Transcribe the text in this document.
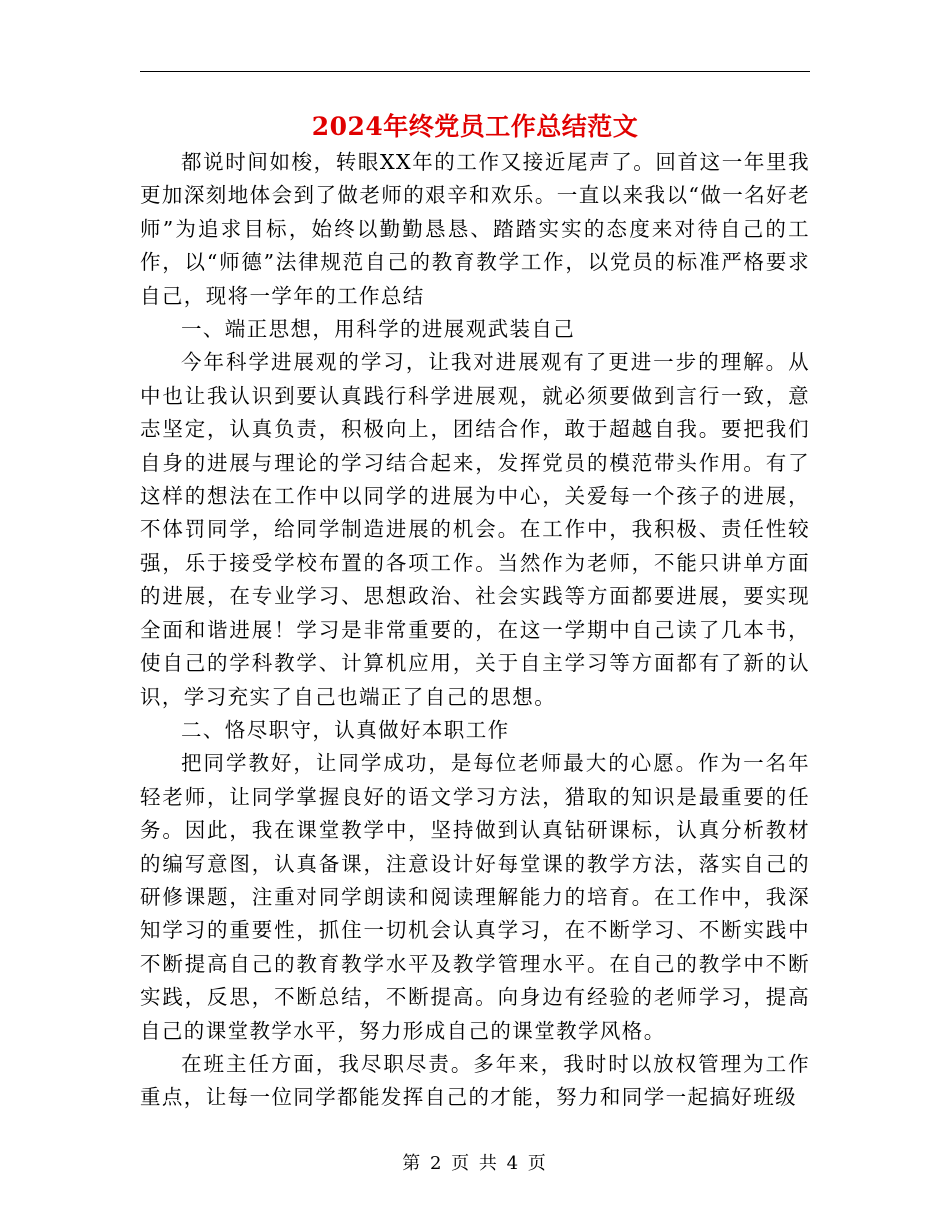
2024年终党员工作总结范文

都说时间如梭，转眼XX年的工作又接近尾声了。回首这一年里我更加深刻地体会到了做老师的艰辛和欢乐。一直以来我以“做一名好老师”为追求目标，始终以勤勤恳恳、踏踏实实的态度来对待自己的工作，以“师德”法律规范自己的教育教学工作，以党员的标准严格要求自己，现将一学年的工作总结

一、端正思想，用科学的进展观武装自己

今年科学进展观的学习，让我对进展观有了更进一步的理解。从中也让我认识到要认真践行科学进展观，就必须要做到言行一致，意志坚定，认真负责，积极向上，团结合作，敢于超越自我。要把我们自身的进展与理论的学习结合起来，发挥党员的模范带头作用。有了这样的想法在工作中以同学的进展为中心，关爱每一个孩子的进展，不体罚同学，给同学制造进展的机会。在工作中，我积极、责任性较强，乐于接受学校布置的各项工作。当然作为老师，不能只讲单方面的进展，在专业学习、思想政治、社会实践等方面都要进展，要实现全面和谐进展！学习是非常重要的，在这一学期中自己读了几本书，使自己的学科教学、计算机应用，关于自主学习等方面都有了新的认识，学习充实了自己也端正了自己的思想。

二、恪尽职守，认真做好本职工作

把同学教好，让同学成功，是每位老师最大的心愿。作为一名年轻老师，让同学掌握良好的语文学习方法，猎取的知识是最重要的任务。因此，我在课堂教学中，坚持做到认真钻研课标，认真分析教材的编写意图，认真备课，注意设计好每堂课的教学方法，落实自己的研修课题，注重对同学朗读和阅读理解能力的培育。在工作中，我深知学习的重要性，抓住一切机会认真学习，在不断学习、不断实践中不断提高自己的教育教学水平及教学管理水平。在自己的教学中不断实践，反思，不断总结，不断提高。向身边有经验的老师学习，提高自己的课堂教学水平，努力形成自己的课堂教学风格。

在班主任方面，我尽职尽责。多年来，我时时以放权管理为工作重点，让每一位同学都能发挥自己的才能，努力和同学一起搞好班级

第 2 页 共 4 页
